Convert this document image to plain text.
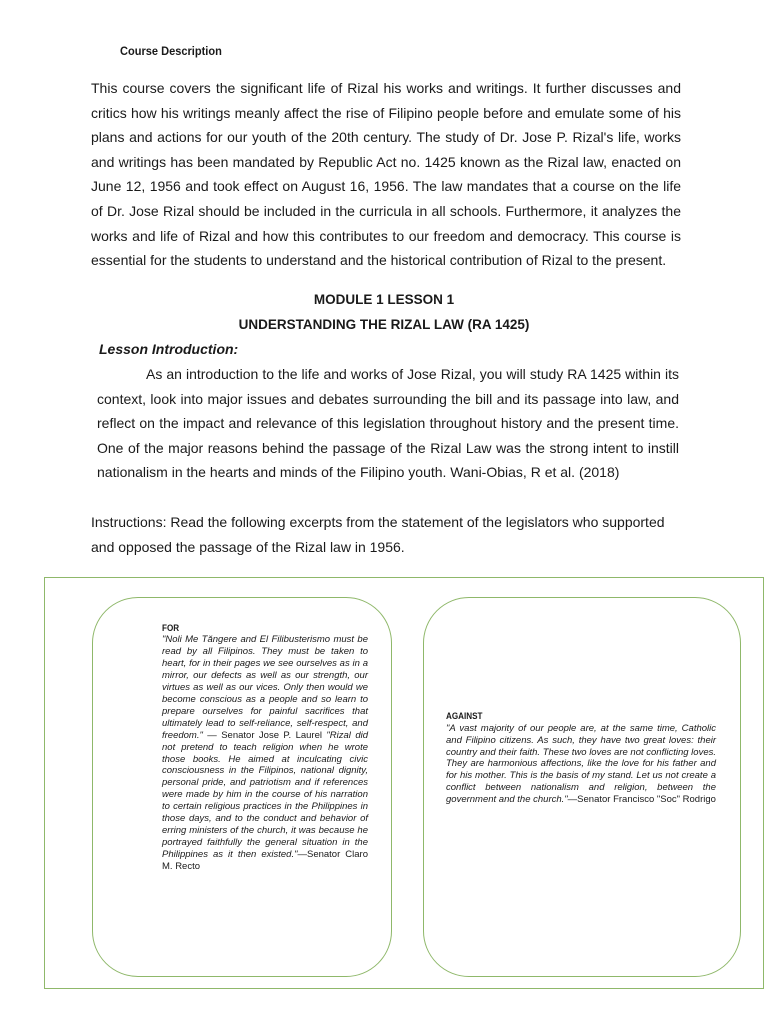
Course Description

This course covers the significant life of Rizal his works and writings. It further discusses and critics how his writings meanly affect the rise of Filipino people before and emulate some of his plans and actions for our youth of the 20th century. The study of Dr. Jose P. Rizal's life, works and writings has been mandated by Republic Act no. 1425 known as the Rizal law, enacted on June 12, 1956 and took effect on August 16, 1956. The law mandates that a course on the life of Dr. Jose Rizal should be included in the curricula in all schools. Furthermore, it analyzes the works and life of Rizal and how this contributes to our freedom and democracy. This course is essential for the students to understand and the historical contribution of Rizal to the present.

MODULE 1 LESSON 1
UNDERSTANDING THE RIZAL LAW (RA 1425)
Lesson Introduction:

As an introduction to the life and works of Jose Rizal, you will study RA 1425 within its context, look into major issues and debates surrounding the bill and its passage into law, and reflect on the impact and relevance of this legislation throughout history and the present time. One of the major reasons behind the passage of the Rizal Law was the strong intent to instill nationalism in the hearts and minds of the Filipino youth. Wani-Obias, R et al. (2018)

Instructions: Read the following excerpts from the statement of the legislators who supported and opposed the passage of the Rizal law in 1956.

FOR

"Noli Me Tăngere and El Filibusterismo must be read by all Filipinos. They must be taken to heart, for in their pages we see ourselves as in a mirror, our defects as well as our strength, our virtues as well as our vices. Only then would we become conscious as a people and so learn to prepare ourselves for painful sacrifices that ultimately lead to self-reliance, self-respect, and freedom." — Senator Jose P. Laurel "Rizal did not pretend to teach religion when he wrote those books. He aimed at inculcating civic consciousness in the Filipinos, national dignity, personal pride, and patriotism and if references were made by him in the course of his narration to certain religious practices in the Philippines in those days, and to the conduct and behavior of erring ministers of the church, it was because he portrayed faithfully the general situation in the Philippines as it then existed."—Senator Claro M. Recto

AGAINST

"A vast majority of our people are, at the same time, Catholic and Filipino citizens. As such, they have two great loves: their country and their faith. These two loves are not conflicting loves. They are harmonious affections, like the love for his father and for his mother. This is the basis of my stand. Let us not create a conflict between nationalism and religion, between the government and the church."—Senator Francisco "Soc" Rodrigo
